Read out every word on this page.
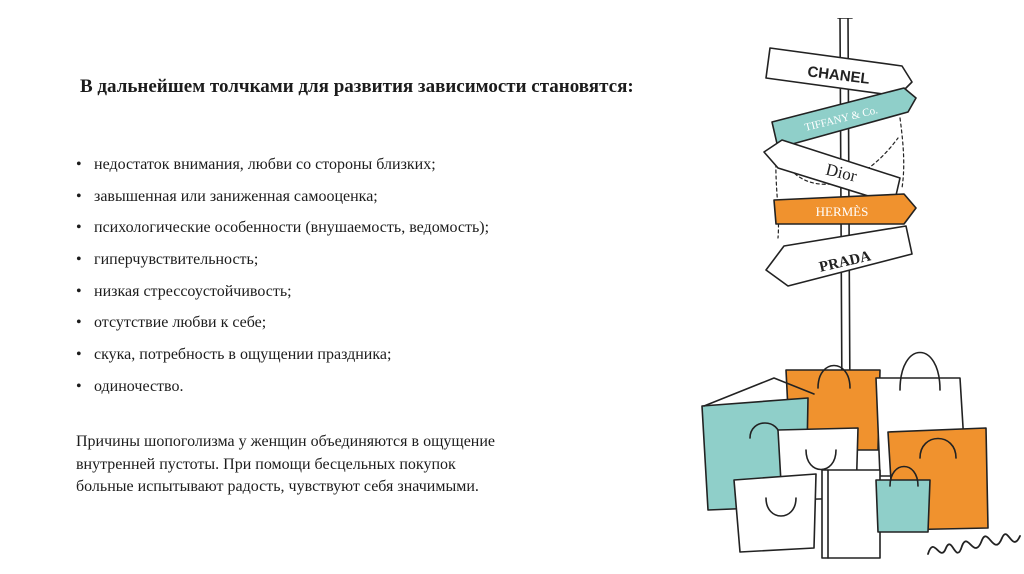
В дальнейшем толчками для развития зависимости становятся:
• недостаток внимания, любви со стороны близких;
• завышенная или заниженная самооценка;
• психологические особенности (внушаемость, ведомость);
• гиперчувствительность;
• низкая стрессоустойчивость;
• отсутствие любви к себе;
• скука, потребность в ощущении праздника;
• одиночество.
Причины шопоголизма у женщин объединяются в ощущение
внутренней пустоты. При помощи бесцельных покупок
больные испытывают радость, чувствуют себя значимыми.
CHANEL
TIFFANY & Co.
Dior
HERMÈS
PRADA
